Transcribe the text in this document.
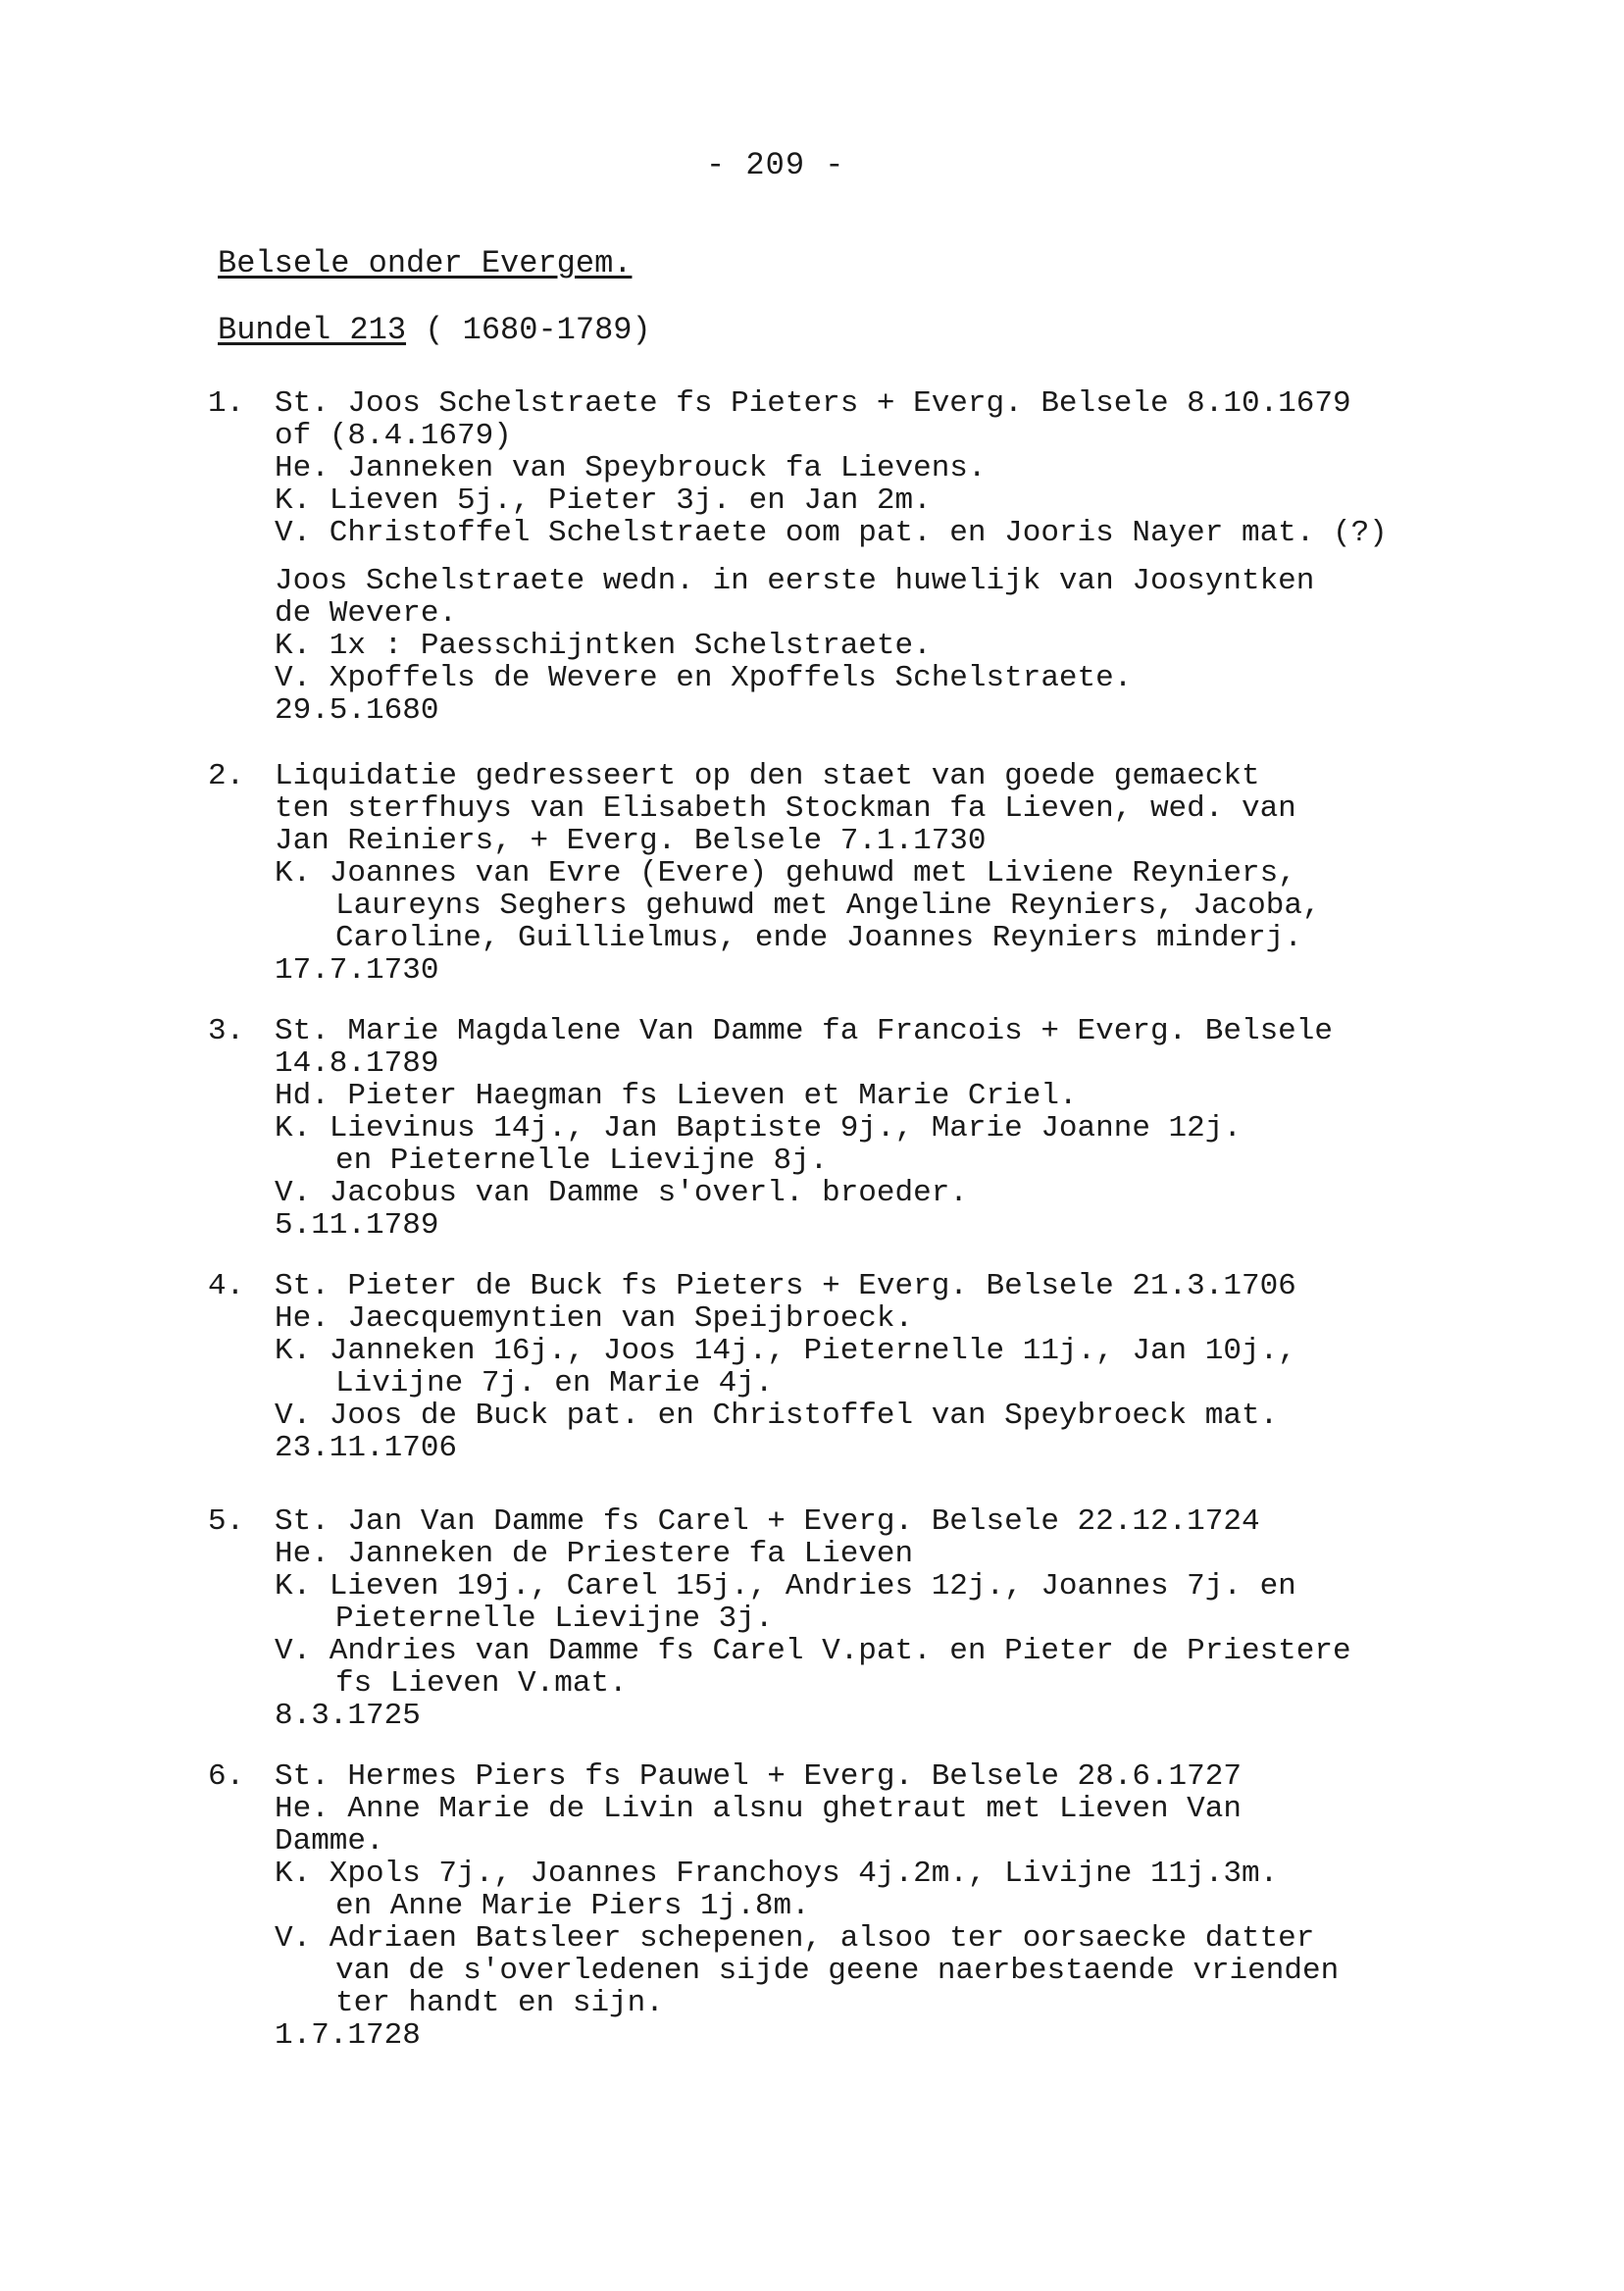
- 209 -
Belsele onder Evergem.
Bundel 213 ( 1680-1789)
1. St. Joos Schelstraete fs Pieters + Everg. Belsele 8.10.1679
of (8.4.1679)
He. Janneken van Speybrouck fa Lievens.
K. Lieven 5j., Pieter 3j. en Jan 2m.
V. Christoffel Schelstraete oom pat. en Jooris Nayer mat. (?)
Joos Schelstraete wedn. in eerste huwelijk van Joosyntken
de Wevere.
K. 1x : Paesschijntken Schelstraete.
V. Xpoffels de Wevere en Xpoffels Schelstraete.
29.5.1680
2. Liquidatie gedresseert op den staet van goede gemaeckt
ten sterfhuys van Elisabeth Stockman fa Lieven, wed. van
Jan Reiniers, + Everg. Belsele 7.1.1730
K. Joannes van Evre (Evere) gehuwd met Liviene Reyniers,
Laureyns Seghers gehuwd met Angeline Reyniers, Jacoba,
Caroline, Guillielmus, ende Joannes Reyniers minderj.
17.7.1730
3. St. Marie Magdalene Van Damme fa Francois + Everg. Belsele
14.8.1789
Hd. Pieter Haegman fs Lieven et Marie Criel.
K. Lievinus 14j., Jan Baptiste 9j., Marie Joanne 12j.
en Pieternelle Lievijne 8j.
V. Jacobus van Damme s'overl. broeder.
5.11.1789
4. St. Pieter de Buck fs Pieters + Everg. Belsele 21.3.1706
He. Jaecquemyntien van Speijbroeck.
K. Janneken 16j., Joos 14j., Pieternelle 11j., Jan 10j.,
Livijne 7j. en Marie 4j.
V. Joos de Buck pat. en Christoffel van Speybroeck mat.
23.11.1706
5. St. Jan Van Damme fs Carel + Everg. Belsele 22.12.1724
He. Janneken de Priestere fa Lieven
K. Lieven 19j., Carel 15j., Andries 12j., Joannes 7j. en
Pieternelle Lievijne 3j.
V. Andries van Damme fs Carel V.pat. en Pieter de Priestere
fs Lieven V.mat.
8.3.1725
6. St. Hermes Piers fs Pauwel + Everg. Belsele 28.6.1727
He. Anne Marie de Livin alsnu ghetraut met Lieven Van
Damme.
K. Xpols 7j., Joannes Franchoys 4j.2m., Livijne 11j.3m.
en Anne Marie Piers 1j.8m.
V. Adriaen Batsleer schepenen, alsoo ter oorsaecke datter
van de s'overledenen sijde geene naerbestaende vrienden
ter handt en sijn.
1.7.1728
